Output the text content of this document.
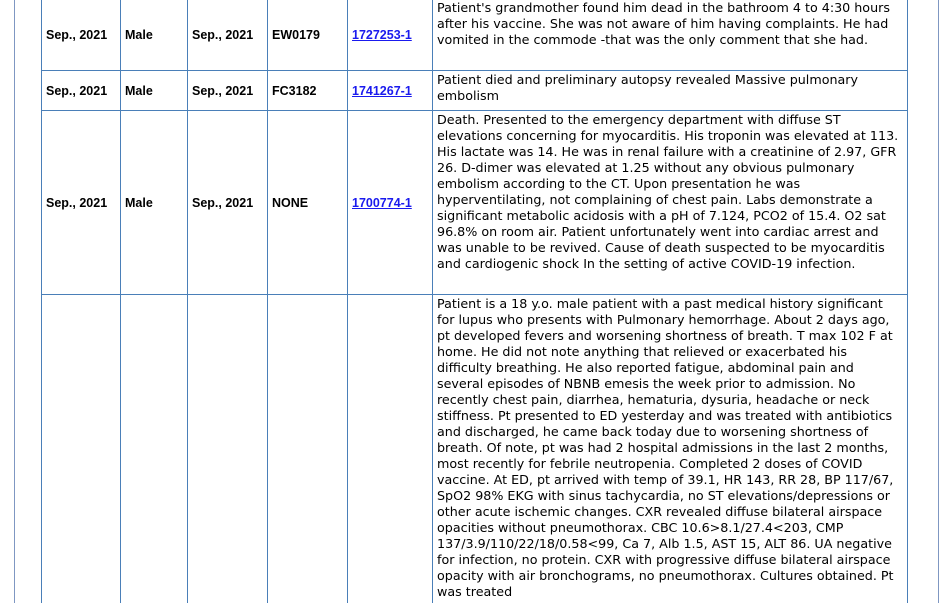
Sep., 2021	Male	Sep., 2021	EW0179	1727253-1	Patient's grandmother found him dead in the bathroom 4 to 4:30 hours after his vaccine. She was not aware of him having complaints. He had vomited in the commode -that was the only comment that she had.
Sep., 2021	Male	Sep., 2021	FC3182	1741267-1	Patient died and preliminary autopsy revealed Massive pulmonary embolism
Sep., 2021	Male	Sep., 2021	NONE	1700774-1	Death. Presented to the emergency department with diffuse ST elevations concerning for myocarditis. His troponin was elevated at 113. His lactate was 14. He was in renal failure with a creatinine of 2.97, GFR 26. D-dimer was elevated at 1.25 without any obvious pulmonary embolism according to the CT. Upon presentation he was hyperventilating, not complaining of chest pain. Labs demonstrate a significant metabolic acidosis with a pH of 7.124, PCO2 of 15.4. O2 sat 96.8% on room air. Patient unfortunately went into cardiac arrest and was unable to be revived. Cause of death suspected to be myocarditis and cardiogenic shock In the setting of active COVID-19 infection.
					Patient is a 18 y.o. male patient with a past medical history significant for lupus who presents with Pulmonary hemorrhage. About 2 days ago, pt developed fevers and worsening shortness of breath. T max 102 F at home. He did not note anything that relieved or exacerbated his difficulty breathing. He also reported fatigue, abdominal pain and several episodes of NBNB emesis the week prior to admission. No recently chest pain, diarrhea, hematuria, dysuria, headache or neck stiffness. Pt presented to ED yesterday and was treated with antibiotics and discharged, he came back today due to worsening shortness of breath. Of note, pt was had 2 hospital admissions in the last 2 months, most recently for febrile neutropenia. Completed 2 doses of COVID vaccine. At ED, pt arrived with temp of 39.1, HR 143, RR 28, BP 117/67, SpO2 98% EKG with sinus tachycardia, no ST elevations/depressions or other acute ischemic changes. CXR revealed diffuse bilateral airspace opacities without pneumothorax. CBC 10.6>8.1/27.4<203, CMP 137/3.9/110/22/18/0.58<99, Ca 7, Alb 1.5, AST 15, ALT 86. UA negative for infection, no protein. CXR with progressive diffuse bilateral airspace opacity with air bronchograms, no pneumothorax. Cultures obtained. Pt was treated
